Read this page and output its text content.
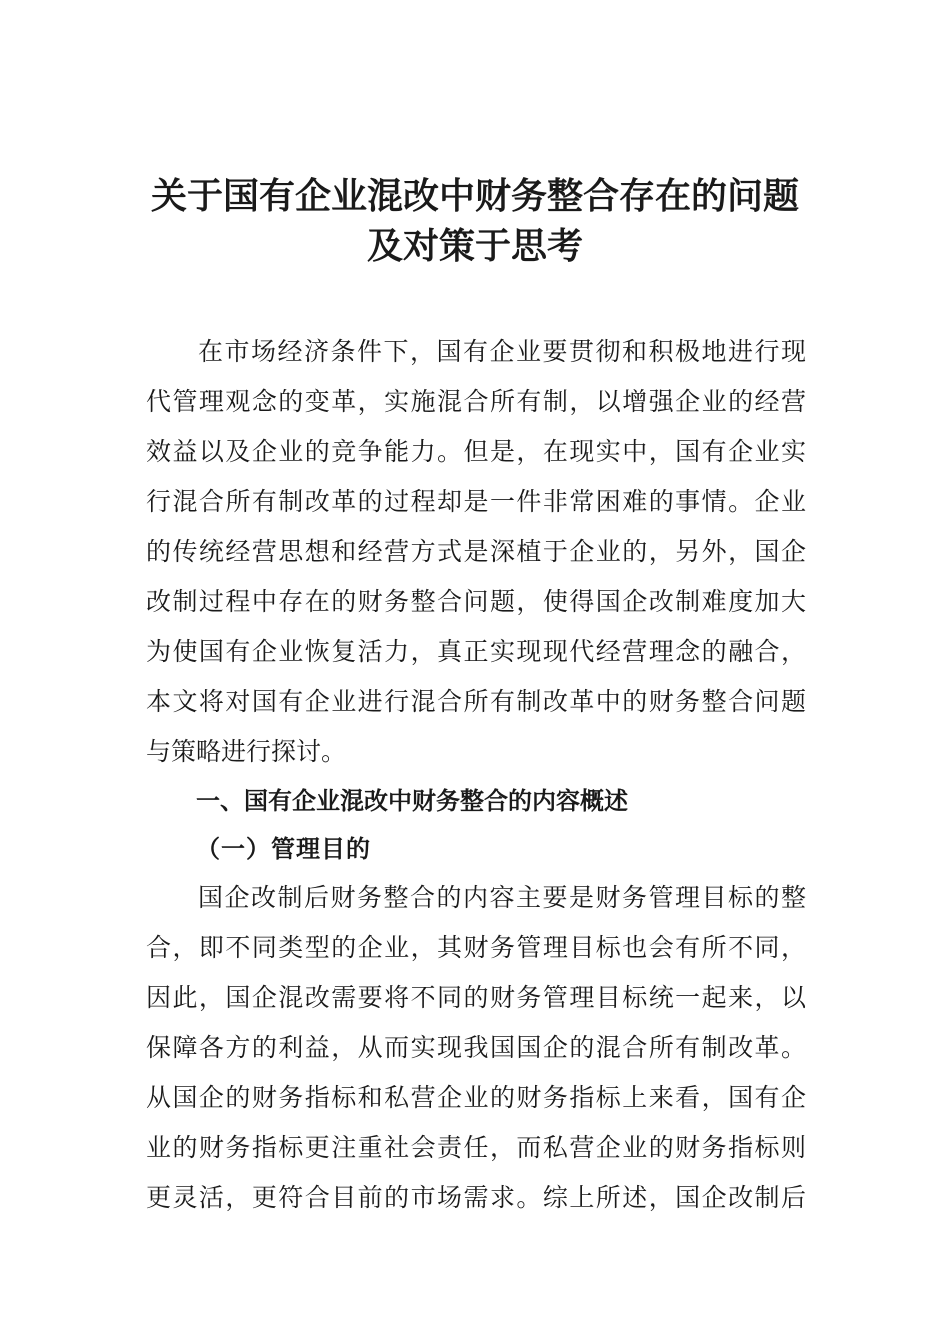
关于国有企业混改中财务整合存在的问题
及对策于思考

在市场经济条件下，国有企业要贯彻和积极地进行现

代管理观念的变革，实施混合所有制，以增强企业的经营

效益以及企业的竞争能力。但是，在现实中，国有企业实

行混合所有制改革的过程却是一件非常困难的事情。企业

的传统经营思想和经营方式是深植于企业的，另外，国企

改制过程中存在的财务整合问题，使得国企改制难度加大

为使国有企业恢复活力，真正实现现代经营理念的融合，

本文将对国有企业进行混合所有制改革中的财务整合问题

与策略进行探讨。

一、国有企业混改中财务整合的内容概述
（一）管理目的

国企改制后财务整合的内容主要是财务管理目标的整

合，即不同类型的企业，其财务管理目标也会有所不同，

因此，国企混改需要将不同的财务管理目标统一起来，以

保障各方的利益，从而实现我国国企的混合所有制改革。

从国企的财务指标和私营企业的财务指标上来看，国有企

业的财务指标更注重社会责任，而私营企业的财务指标则

更灵活，更符合目前的市场需求。综上所述，国企改制后
